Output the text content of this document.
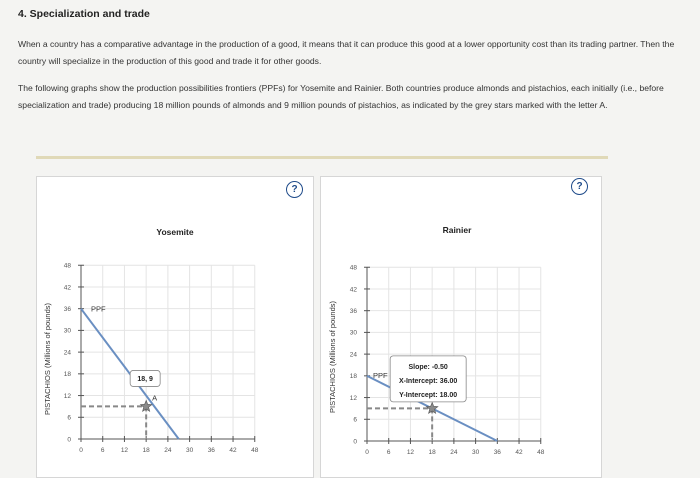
4. Specialization and trade
When a country has a comparative advantage in the production of a good, it means that it can produce this good at a lower opportunity cost than its trading partner. Then the country will specialize in the production of this good and trade it for other goods.
The following graphs show the production possibilities frontiers (PPFs) for Yosemite and Rainier. Both countries produce almonds and pistachios, each initially (i.e., before specialization and trade) producing 18 million pounds of almonds and 9 million pounds of pistachios, as indicated by the grey stars marked with the letter A.
Yosemite
0
6
12
18
24
30
36
42
48
0	6	12 18 24 30 36 42 48
PISTACHIOS (Millions of pounds)	PPF
A
18, 9
Rainier
0
6
12
18
24
30
36
42
48
0	6	12 18 24 30 36 42 48
PISTACHIOS (Millions of pounds)	PPF
Slope: -0.50
X-Intercept: 36.00
Y-Intercept: 18.00
?	?
